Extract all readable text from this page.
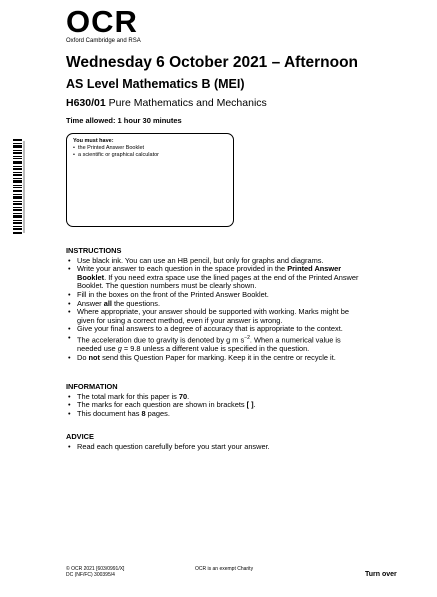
OCR
Oxford Cambridge and RSA
Wednesday 6 October 2021 – Afternoon
AS Level Mathematics B (MEI)
H630/01 Pure Mathematics and Mechanics
Time allowed: 1 hour 30 minutes
You must have:
• the Printed Answer Booklet
• a scientific or graphical calculator
INSTRUCTIONS
• Use black ink. You can use an HB pencil, but only for graphs and diagrams.
• Write your answer to each question in the space provided in the Printed Answer Booklet. If you need extra space use the lined pages at the end of the Printed Answer Booklet. The question numbers must be clearly shown.
• Fill in the boxes on the front of the Printed Answer Booklet.
• Answer all the questions.
• Where appropriate, your answer should be supported with working. Marks might be given for using a correct method, even if your answer is wrong.
• Give your final answers to a degree of accuracy that is appropriate to the context.
• The acceleration due to gravity is denoted by g m $s^{-2}$. When a numerical value is needed use g = 9.8 unless a different value is specified in the question.
• Do not send this Question Paper for marking. Keep it in the centre or recycle it.
INFORMATION
• The total mark for this paper is 70.
• The marks for each question are shown in brackets [ ].
• This document has 8 pages.
ADVICE
• Read each question carefully before you start your answer.
© OCR 2021 [603/0991/X]
DC (NF/FC) 300395/4
OCR is an exempt Charity
Turn over
